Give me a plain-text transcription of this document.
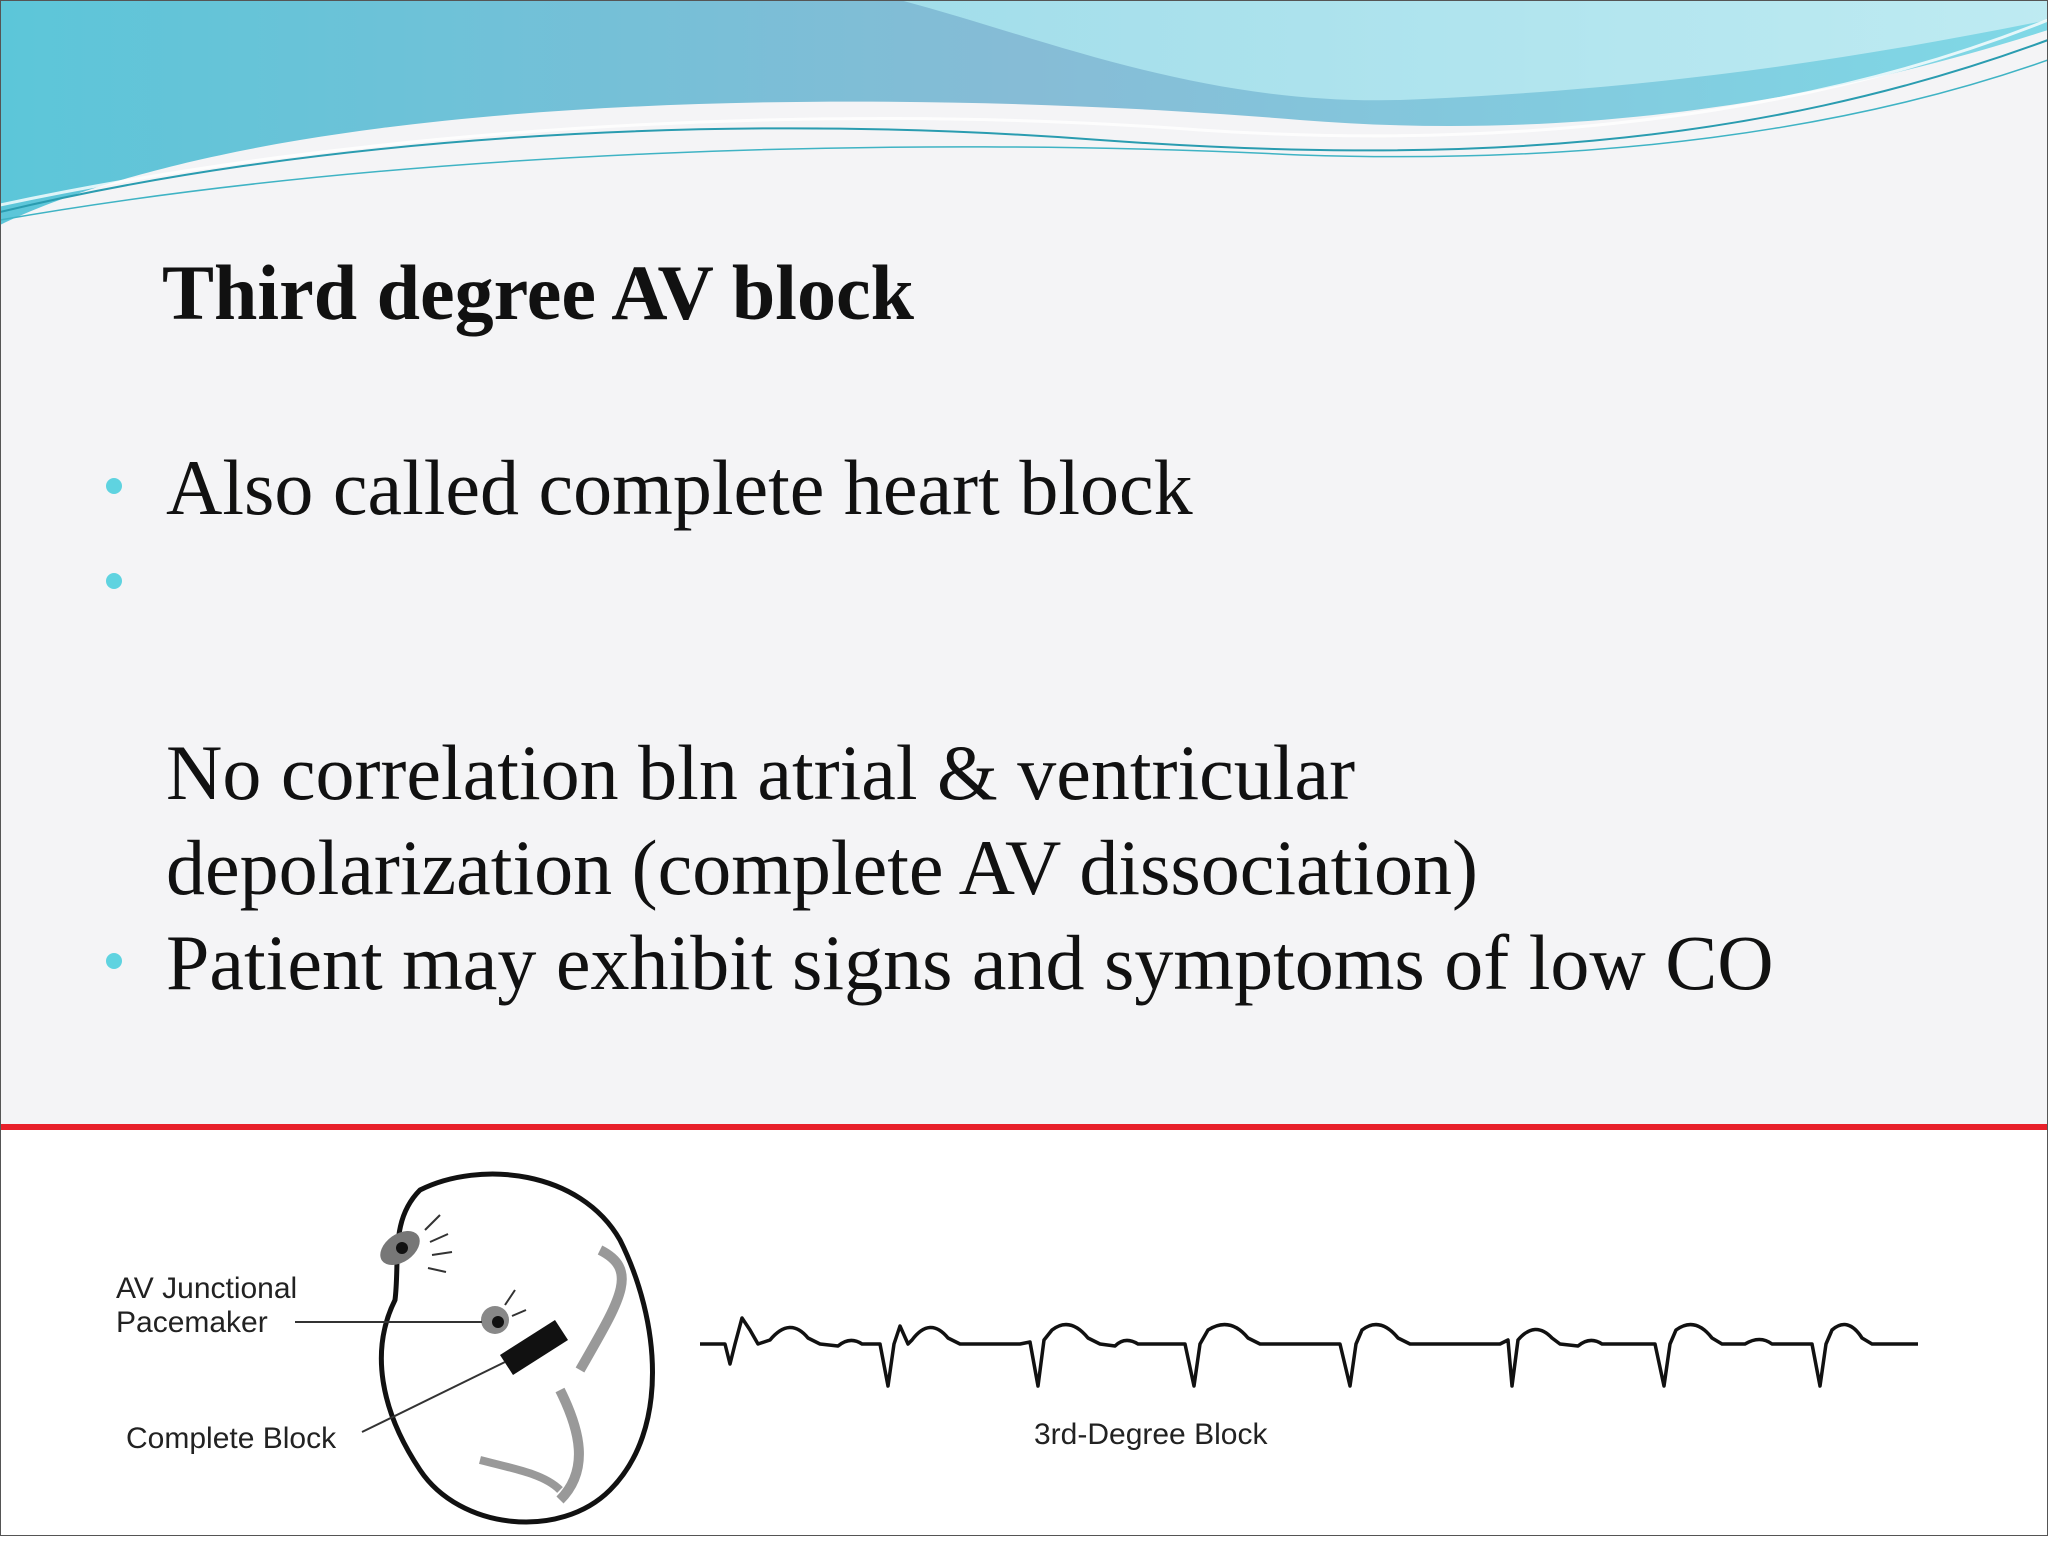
Third degree AV block
Also called complete heart block

No correlation bln atrial & ventricular
depolarization (complete AV dissociation)

Patient may exhibit signs and symptoms of low CO
AV Junctional
Pacemaker
Complete Block	3rd-Degree Block
